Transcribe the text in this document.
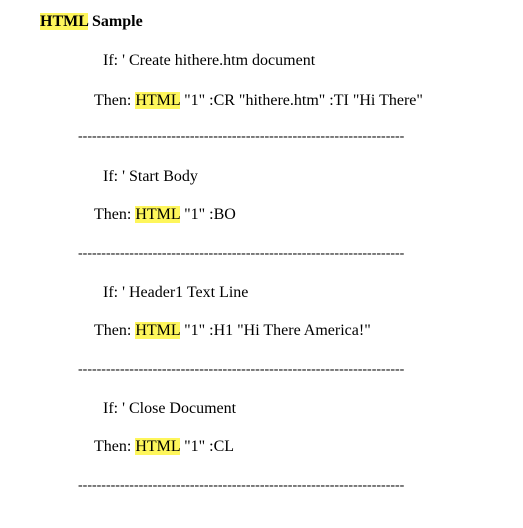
HTML Sample
If: ' Create hithere.htm document
Then: HTML "1" :CR "hithere.htm" :TI "Hi There"
----------------------------------------------------------------------
If: ' Start Body
Then: HTML "1" :BO
----------------------------------------------------------------------
If: ' Header1 Text Line
Then: HTML "1" :H1 "Hi There America!"
----------------------------------------------------------------------
If: ' Close Document
Then: HTML "1" :CL
----------------------------------------------------------------------
